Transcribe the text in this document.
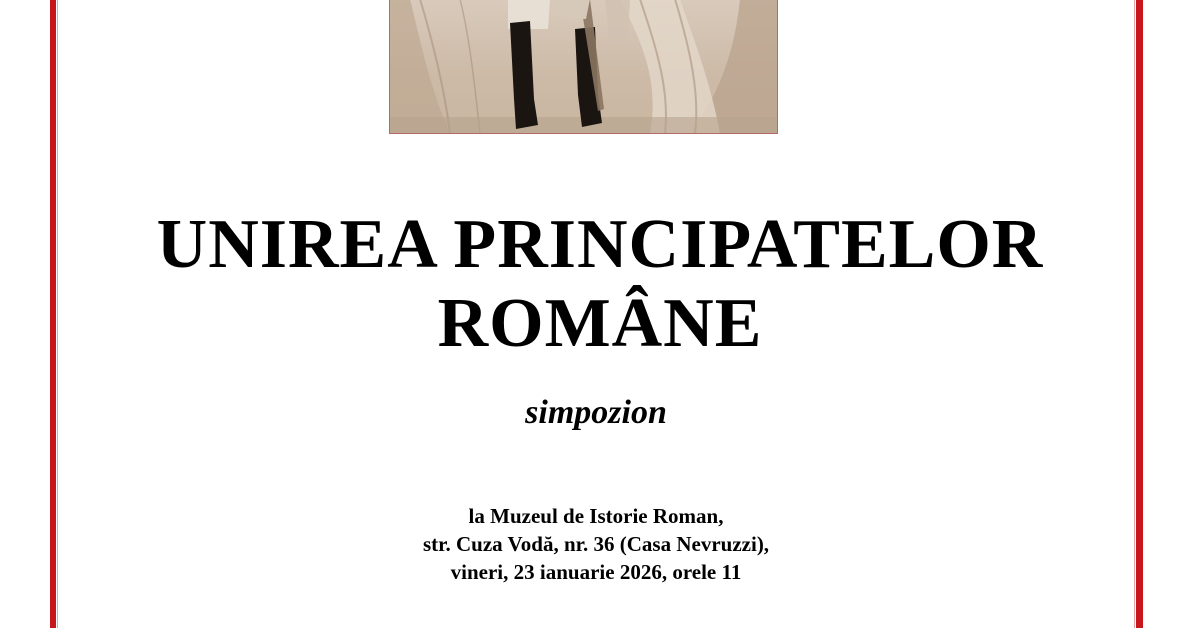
UNIREA PRINCIPATELOR
ROMÂNE
simpozion
la Muzeul de Istorie Roman,
str. Cuza Vodă, nr. 36 (Casa Nevruzzi),
vineri, 23 ianuarie 2026, orele 11
